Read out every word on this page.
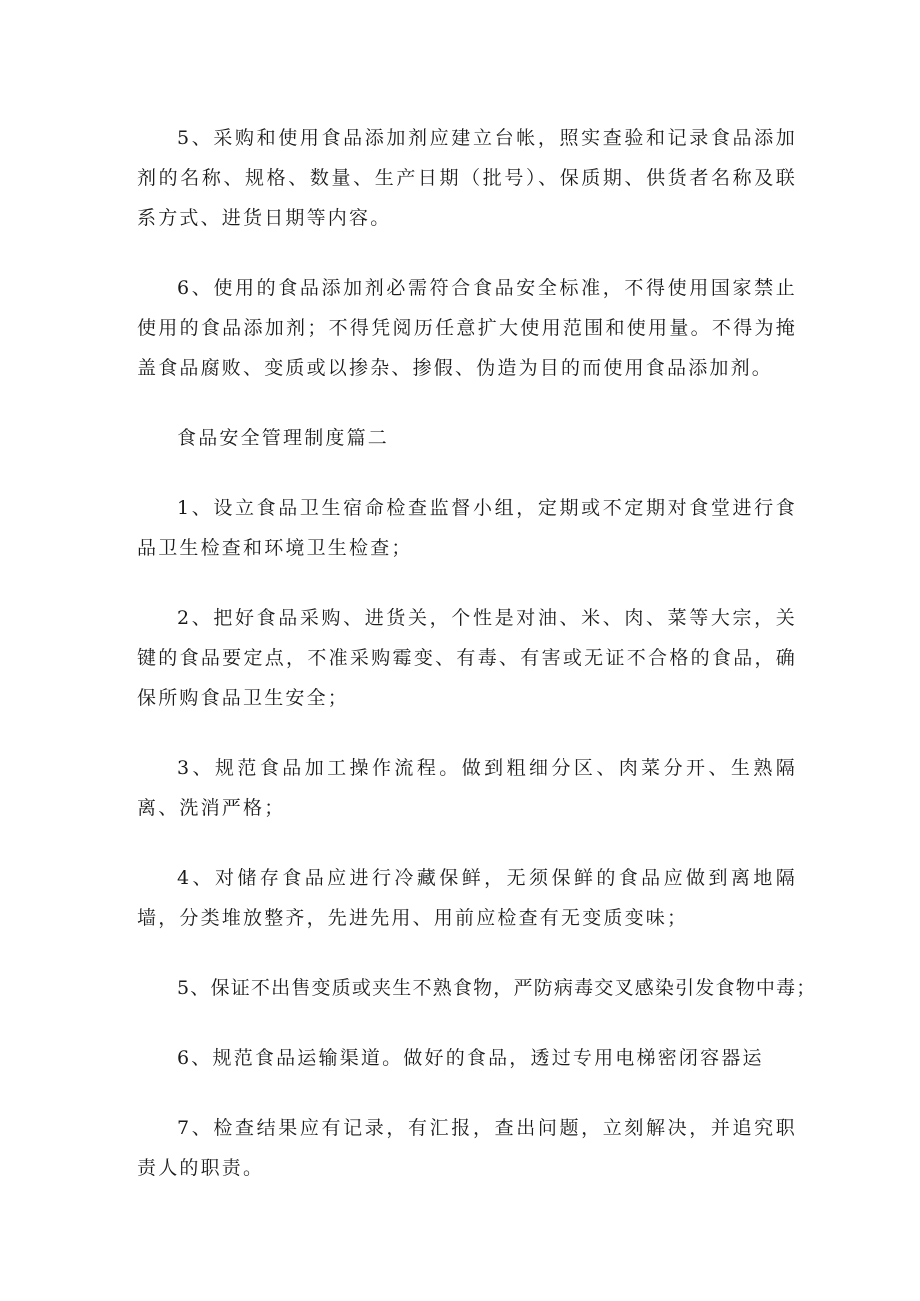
5、采购和使用食品添加剂应建立台帐，照实查验和记录食品添加剂的名称、规格、数量、生产日期（批号）、保质期、供货者名称及联系方式、进货日期等内容。

6、使用的食品添加剂必需符合食品安全标准，不得使用国家禁止使用的食品添加剂；不得凭阅历任意扩大使用范围和使用量。不得为掩盖食品腐败、变质或以掺杂、掺假、伪造为目的而使用食品添加剂。

食品安全管理制度篇二

1、设立食品卫生宿命检查监督小组，定期或不定期对食堂进行食品卫生检查和环境卫生检查；

2、把好食品采购、进货关，个性是对油、米、肉、菜等大宗，关键的食品要定点，不准采购霉变、有毒、有害或无证不合格的食品，确保所购食品卫生安全；

3、规范食品加工操作流程。做到粗细分区、肉菜分开、生熟隔离、洗消严格；

4、对储存食品应进行冷藏保鲜，无须保鲜的食品应做到离地隔墙，分类堆放整齐，先进先用、用前应检查有无变质变味；

5、保证不出售变质或夹生不熟食物，严防病毒交叉感染引发食物中毒；

6、规范食品运输渠道。做好的食品，透过专用电梯密闭容器运

7、检查结果应有记录，有汇报，查出问题，立刻解决，并追究职责人的职责。
